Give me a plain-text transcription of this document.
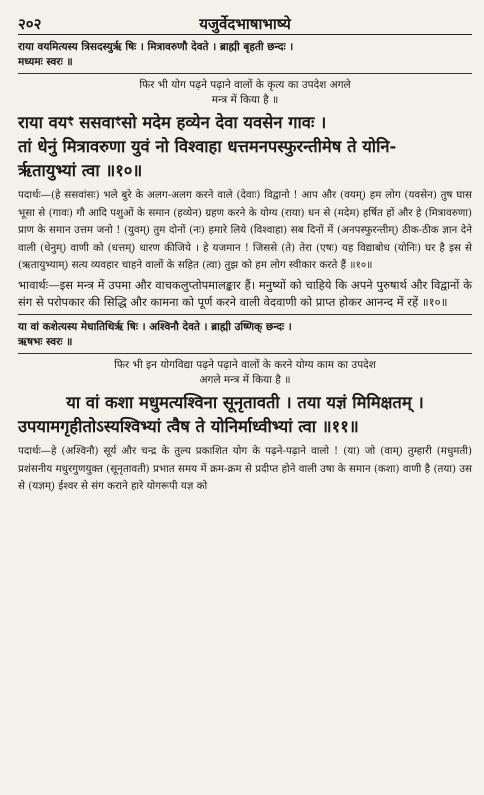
२०२	यजुर्वेदभाषाभाष्ये
राया वयमित्यस्य त्रिसदस्युर्ऋ षिः । मित्रावरुणौ देवते । ब्राह्मी बृहती छन्दः ।
मध्यमः स्वरः ॥
फिर भी योग पढ़ने पढ़ाने वालों के कृत्य का उपदेश अगले
मन्त्र में किया है ॥
राया वयꣳ ससवाꣳसो मदेम हव्येन देवा यवसेन गावः ।
तां धेनुं मित्रावरुणा युवं नो विश्वाहा धत्तमनपस्फुरन्तीमेष ते योनि-
र्ऋतायुभ्यां त्वा ॥१०॥
पदार्थः—(हे ससवांसः) भले बुरे के अलग-अलग करने वाले (देवाः) विद्वानो ! आप और (वयम्) हम लोग (यवसेन) तुष घास भूसा से (गावः) गौ आदि पशुओं के समान (हव्येन) ग्रहण करने के योग्य (राया) धन से (मदेम) हर्षित हों और हे (मित्रावरुणा) प्राण के समान उत्तम जनो ! (युवम्) तुम दोनों (नः) हमारे लिये (विश्वाहा) सब दिनों में (अनपस्फुरन्तीम्) ठीक-ठीक ज्ञान देने वाली (धेनुम्) वाणी को (धत्तम्) धारण कीजिये । हे यजमान ! जिससे (ते) तेरा (एषः) यह विद्याबोध (योनिः) घर है इस से (ऋतायुभ्याम्) सत्य व्यवहार चाहने वालों के सहित (त्वा) तुझ को हम लोग स्वीकार करते हैं ॥१०॥
भावार्थः—इस मन्त्र में उपमा और वाचकलुप्तोपमालङ्कार हैं। मनुष्यों को चाहिये कि अपने पुरुषार्थ और विद्वानों के संग से परोपकार की सिद्धि और कामना को पूर्ण करने वाली वेदवाणी को प्राप्त होकर आनन्द में रहें ॥१०॥
या वां कशेत्यस्य मेधातिथिर्ऋ षिः । अश्विनौ देवते । ब्राह्मी उष्णिक् छन्दः ।
ऋषभः स्वरः ॥
फिर भी इन योगविद्या पढ़ने पढ़ाने वालों के करने योग्य काम का उपदेश
अगले मन्त्र में किया है ॥
या वां कशा मधुमत्यश्विना सूनृतावती । तया यज्ञं मिमिक्षतम् ।
उपयामगृहीतोऽस्यश्विभ्यां त्वैष ते योनिर्माध्वीभ्यां त्वा ॥११॥
पदार्थः—हे (अश्विनौ) सूर्य और चन्द्र के तुल्य प्रकाशित योग के पढ़ने-पढ़ाने वालो ! (या) जो (वाम्) तुम्हारी (मधुमती) प्रशंसनीय मधुरगुणयुक्त (सूनृतावती) प्रभात समय में क्रम-क्रम से प्रदीप्त होने वाली उषा के समान (कशा) वाणी है (तया) उस से (यज्ञम्) ईश्वर से संग कराने हारे योगरूपी यज्ञ को
